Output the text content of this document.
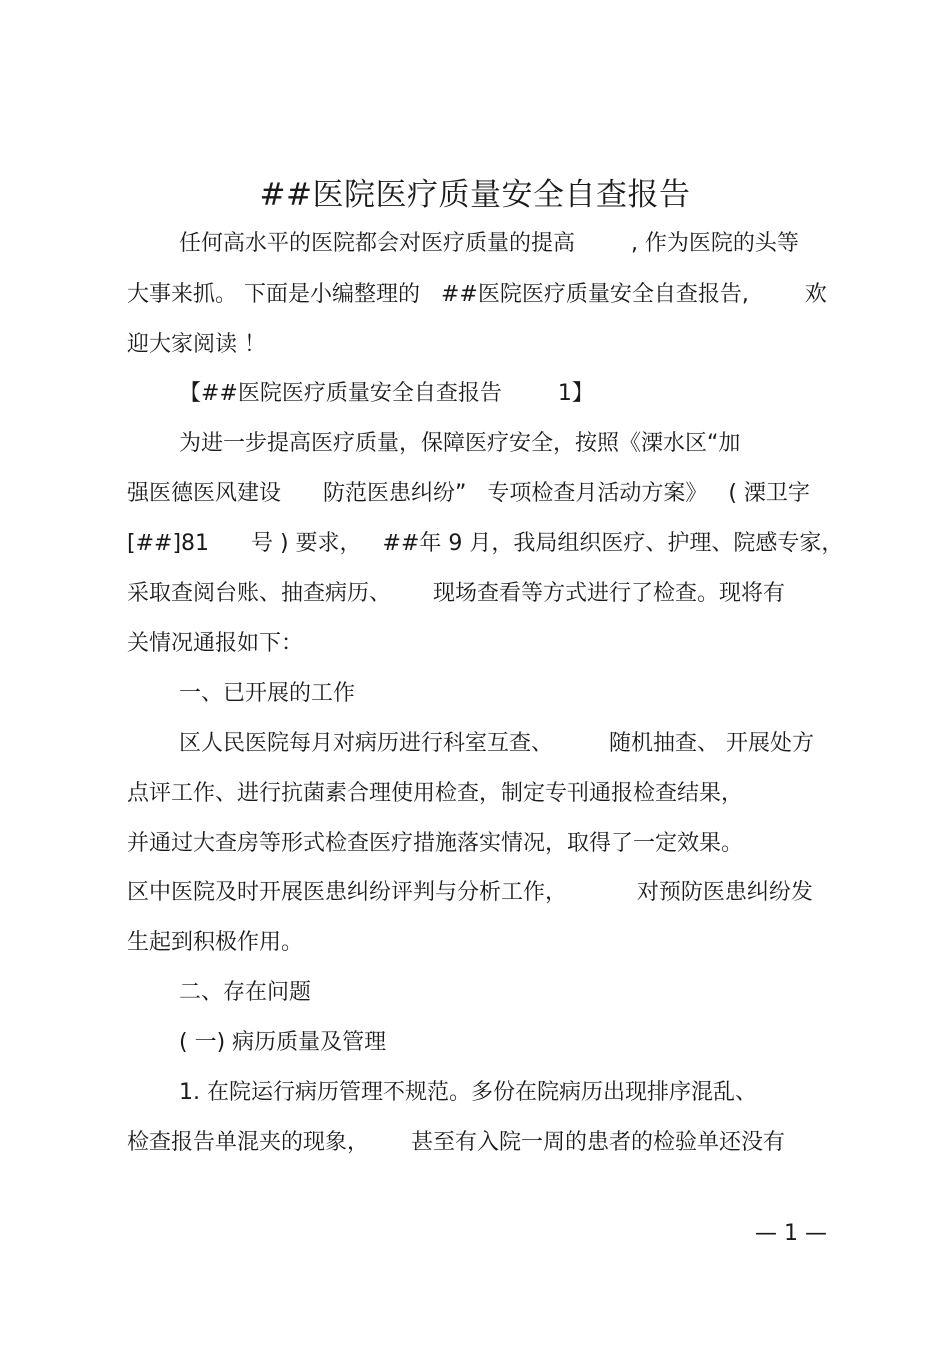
##医院医疗质量安全自查报告
任何高水平的医院都会对医疗质量的提高        , 作为医院的头等
大事来抓。 下面是小编整理的   ##医院医疗质量安全自查报告,        欢
迎大家阅读 ！
【##医院医疗质量安全自查报告        1】
为进一步提高医疗质量，保障医疗安全，按照《溧水区“加
强医德医风建设      防范医患纠纷”   专项检查月活动方案》   ( 溧卫字
[##]81      号 ) 要求，   ##年 9 月，我局组织医疗、护理、院感专家，
采取查阅台账、抽查病历、      现场查看等方式进行了检查。现将有
关情况通报如下：
一、已开展的工作
区人民医院每月对病历进行科室互查、        随机抽查、 开展处方
点评工作、进行抗菌素合理使用检查，制定专刊通报检查结果，
并通过大查房等形式检查医疗措施落实情况，取得了一定效果。
区中医院及时开展医患纠纷评判与分析工作，          对预防医患纠纷发
生起到积极作用。
二、存在问题
( 一) 病历质量及管理
1. 在院运行病历管理不规范。多份在院病历出现排序混乱、
检查报告单混夹的现象，      甚至有入院一周的患者的检验单还没有
— 1 —
